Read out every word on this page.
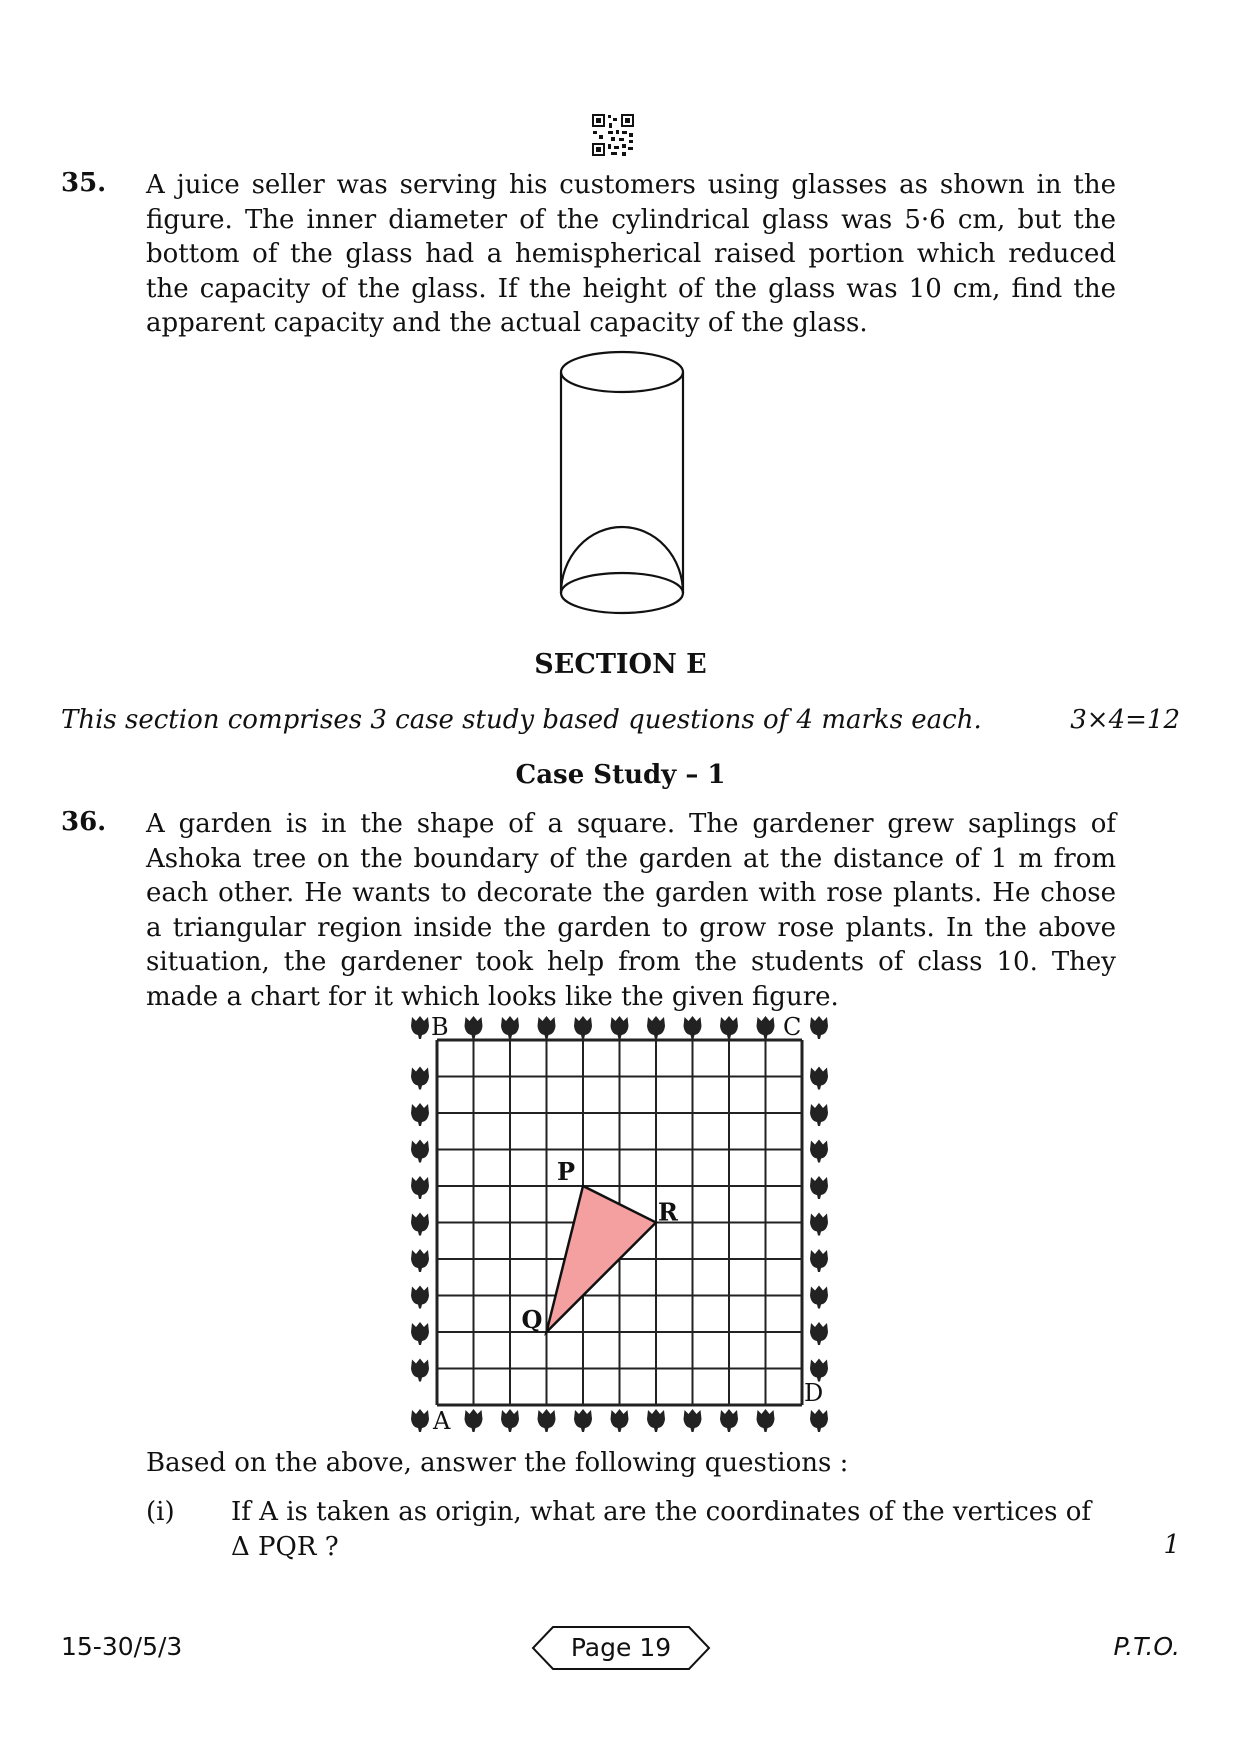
35. A juice seller was serving his customers using glasses as shown in the figure. The inner diameter of the cylindrical glass was 5·6 cm, but the bottom of the glass had a hemispherical raised portion which reduced the capacity of the glass. If the height of the glass was 10 cm, find the apparent capacity and the actual capacity of the glass.
SECTION E
This section comprises 3 case study based questions of 4 marks each.	3×4=12
Case Study – 1
36. A garden is in the shape of a square. The gardener grew saplings of Ashoka tree on the boundary of the garden at the distance of 1 m from each other. He wants to decorate the garden with rose plants. He chose a triangular region inside the garden to grow rose plants. In the above situation, the gardener took help from the students of class 10. They made a chart for it which looks like the given figure.
B	C
A
D
P
Q
R
Based on the above, answer the following questions :
(i) If A is taken as origin, what are the coordinates of the vertices of
Δ PQR ?	1
15-30/5/3	Page 19	P.T.O.
